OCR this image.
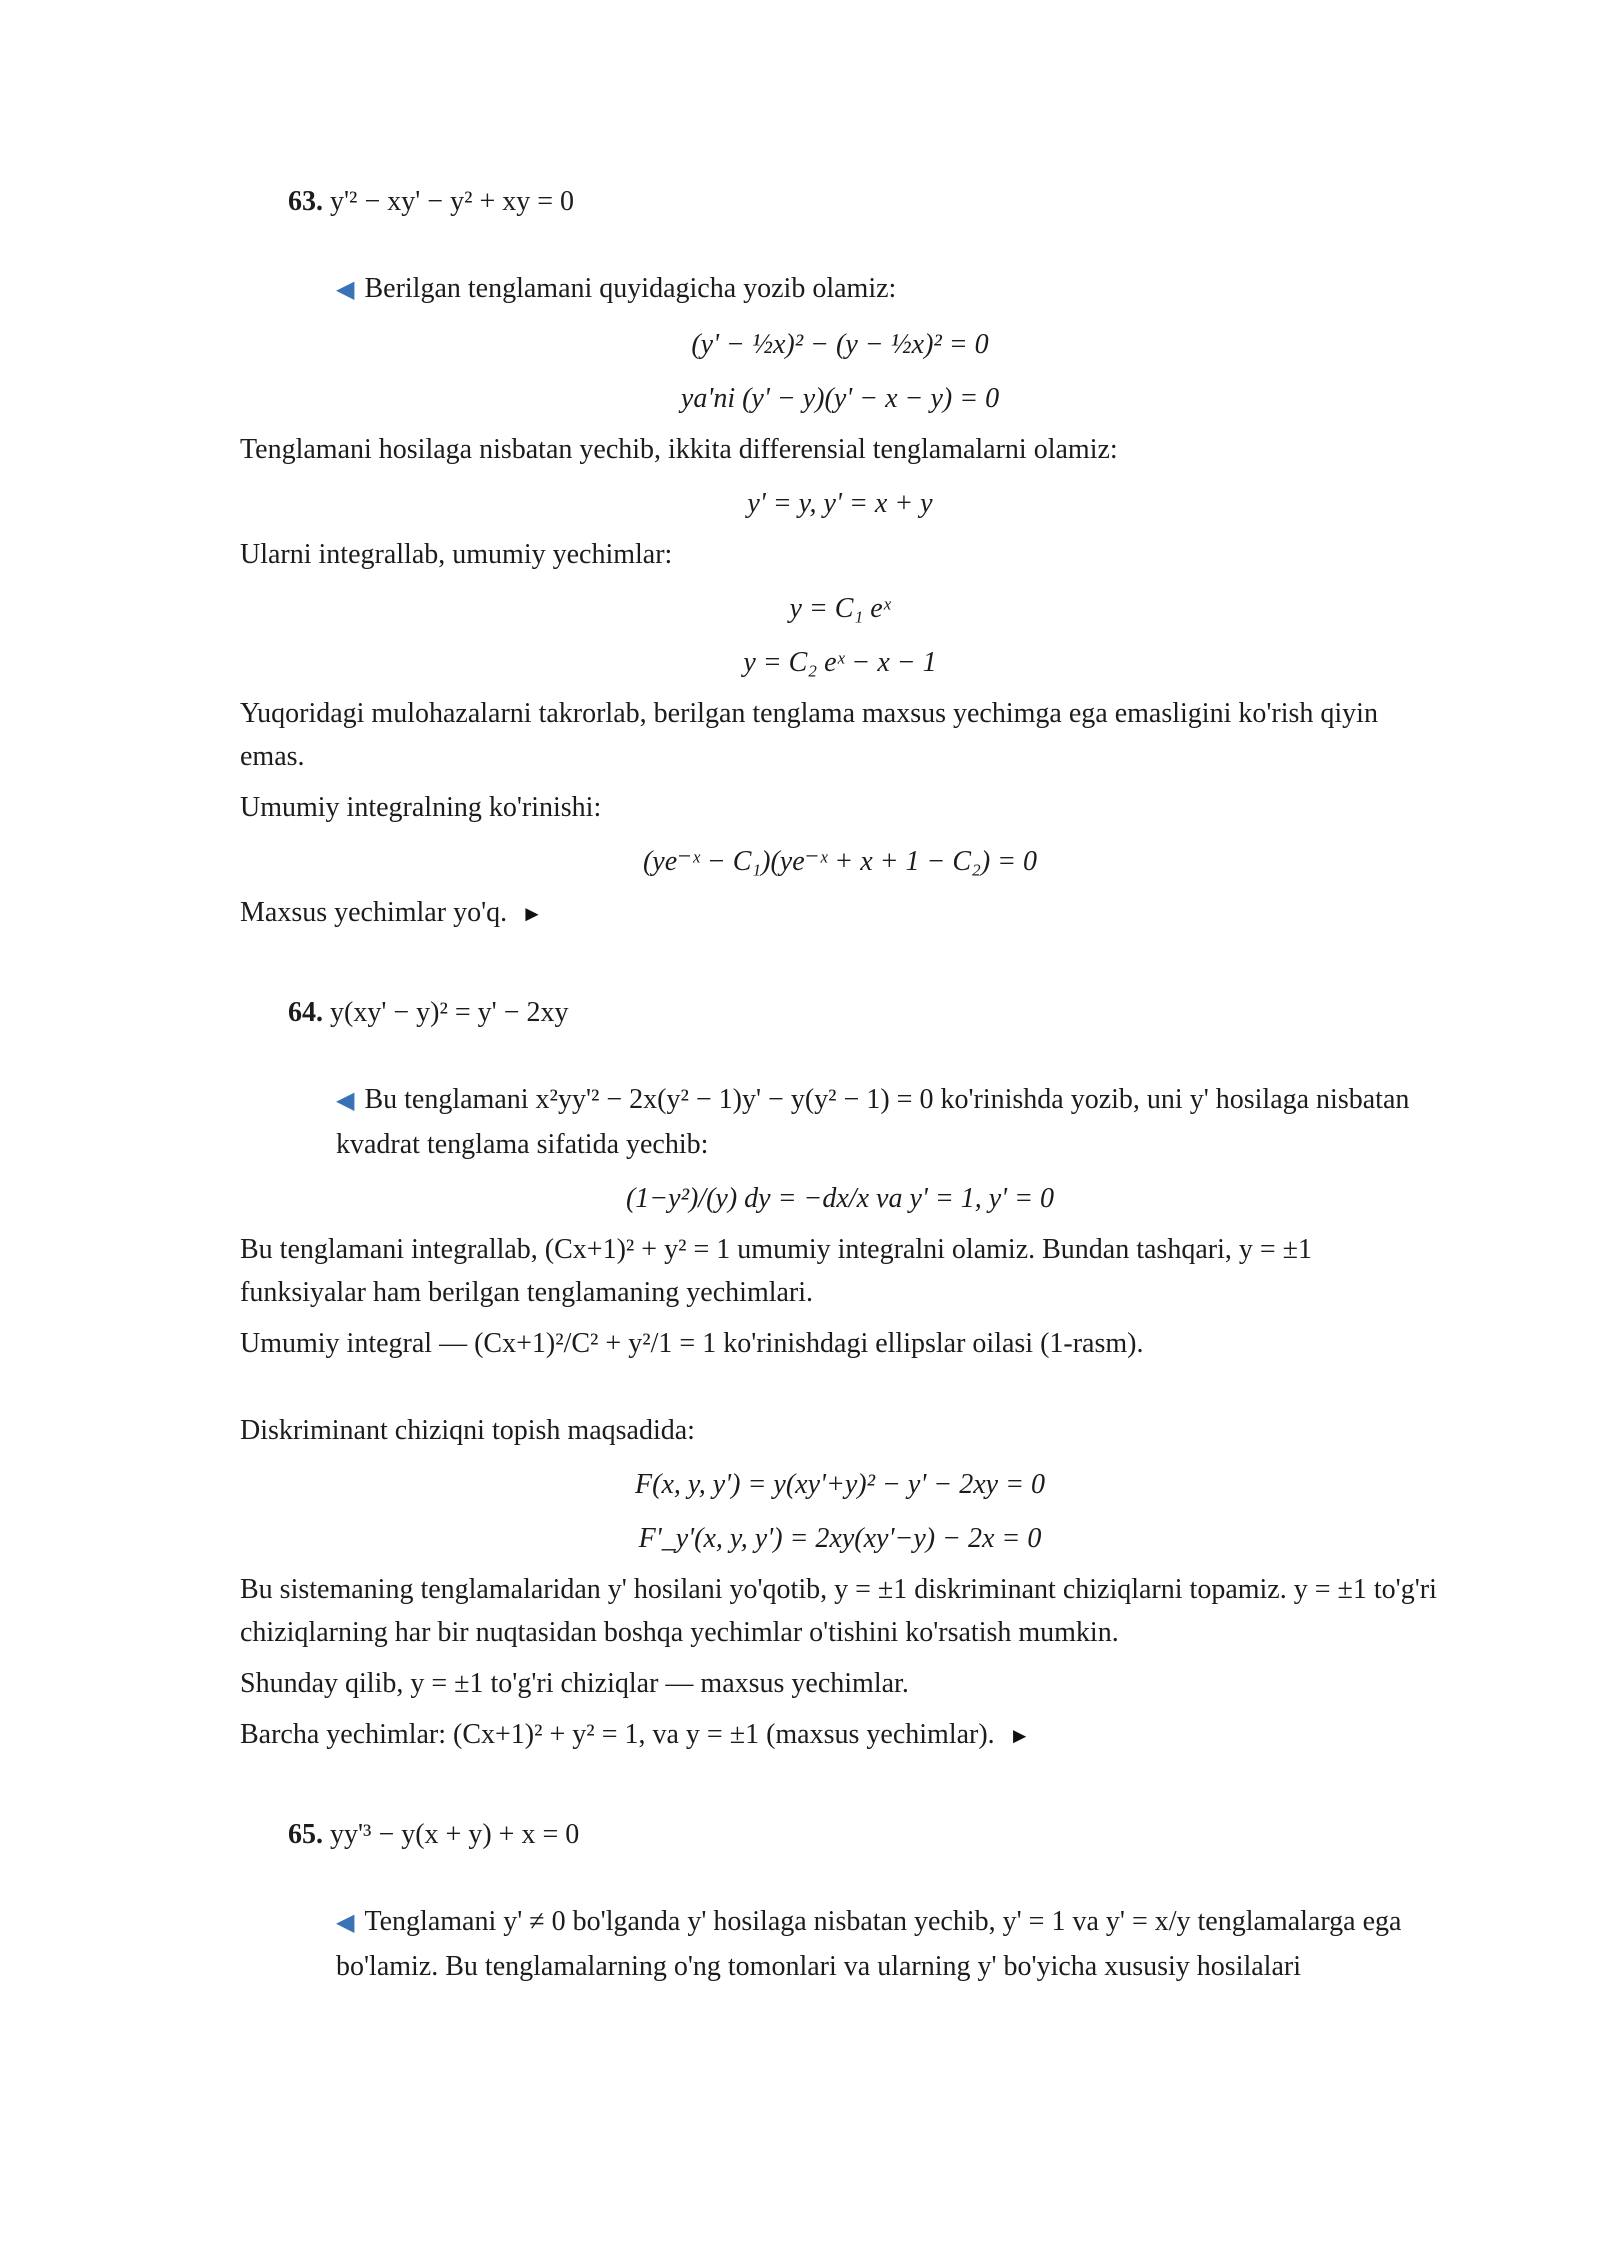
63. y'² − xy' − y² + xy = 0
◀ Berilgan tenglamani quyidagicha yozib olamiz:
(y' − ½x)² − (y − ½x)² = 0
ya'ni (y' − y)(y' − x − y) = 0
Tenglamani hosilaga nisbatan yechib, ikkita differensial tenglamalarni olamiz:
y' = y, y' = x + y
Ularni integrallab, umumiy yechimlar:
y = C₁ eˣ
y = C₂ eˣ − x − 1
Yuqoridagi mulohazalarni takrorlab, berilgan tenglama maxsus yechimga ega emasligini ko'rish qiyin emas.
Umumiy integralning ko'rinishi:
(ye⁻ˣ − C₁)(ye⁻ˣ + x + 1 − C₂) = 0
Maxsus yechimlar yo'q. ►
64. y(xy' − y)² = y' − 2xy
◀ Bu tenglamani x²yy'² − 2x(y² − 1)y' − y(y² − 1) = 0 ko'rinishda yozib, uni y' hosilaga nisbatan kvadrat tenglama sifatida yechib:
(1−y²)/(y) dy = −dx/x va y' = 1, y' = 0
Bu tenglamani integrallab, (Cx+1)² + y² = 1 umumiy integralni olamiz. Bundan tashqari, y = ±1 funksiyalar ham berilgan tenglamaning yechimlari.
Umumiy integral — (Cx+1)²/C² + y²/1 = 1 ko'rinishdagi ellipslar oilasi (1-rasm).
Diskriminant chiziqni topish maqsadida:
F(x, y, y') = y(xy'+y)² − y' − 2xy = 0
F'_y'(x, y, y') = 2xy(xy'−y) − 2x = 0
Bu sistemaning tenglamalaridan y' hosilani yo'qotib, y = ±1 diskriminant chiziqlarni topamiz. y = ±1 to'g'ri chiziqlarning har bir nuqtasidan boshqa yechimlar o'tishini ko'rsatish mumkin.
Shunday qilib, y = ±1 to'g'ri chiziqlar — maxsus yechimlar.
Barcha yechimlar: (Cx+1)² + y² = 1, va y = ±1 (maxsus yechimlar). ►
65. yy'³ − y(x + y) + x = 0
◀ Tenglamani y' ≠ 0 bo'lganda y' hosilaga nisbatan yechib, y' = 1 va y' = x/y tenglamalarga ega bo'lamiz. Bu tenglamalarning o'ng tomonlari va ularning y' bo'yicha xususiy hosilalari
